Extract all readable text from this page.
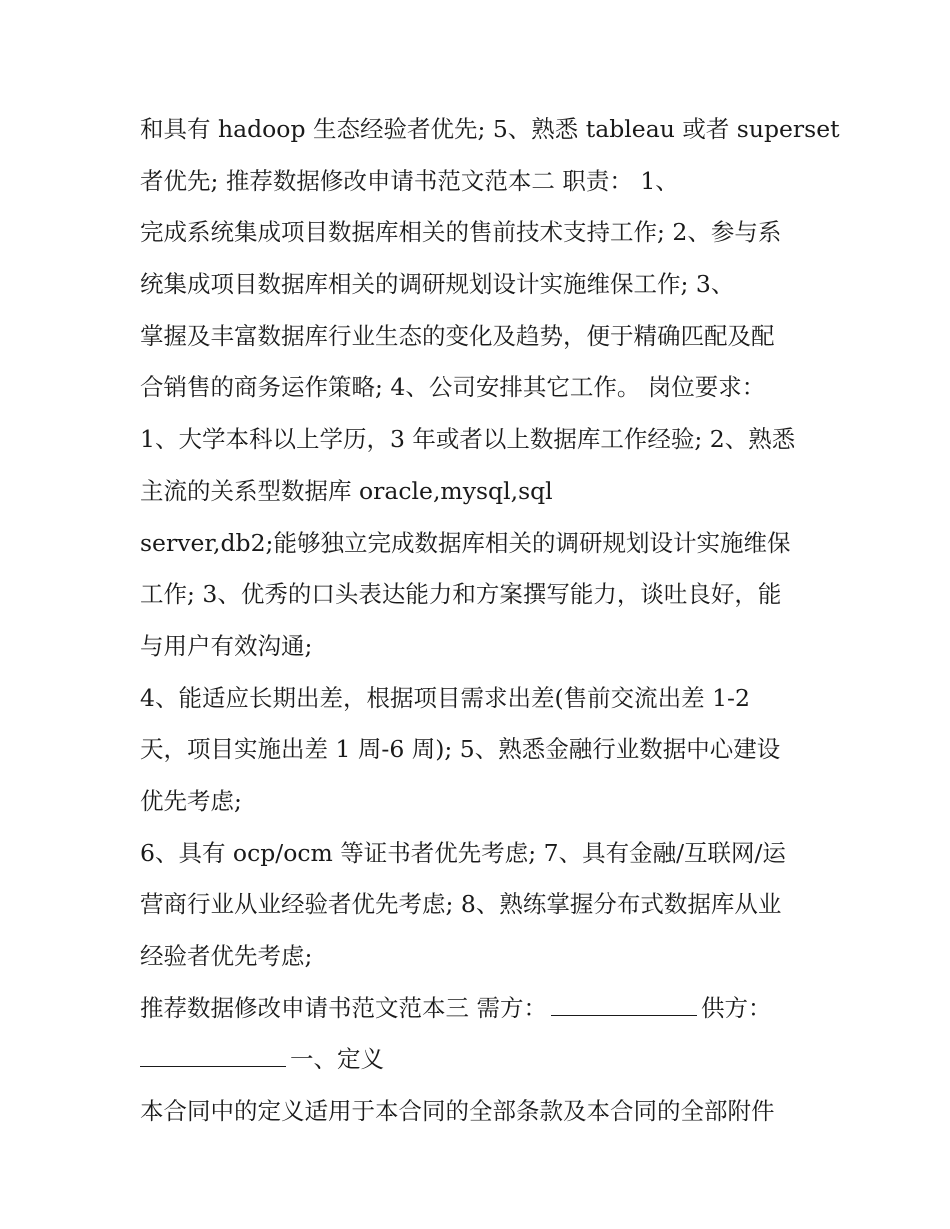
和具有 hadoop 生态经验者优先; 5、熟悉 tableau 或者 superset
者优先; 推荐数据修改申请书范文范本二 职责： 1、
完成系统集成项目数据库相关的售前技术支持工作; 2、参与系
统集成项目数据库相关的调研规划设计实施维保工作; 3、
掌握及丰富数据库行业生态的变化及趋势，便于精确匹配及配
合销售的商务运作策略; 4、公司安排其它工作。 岗位要求：
1、大学本科以上学历，3 年或者以上数据库工作经验; 2、熟悉
主流的关系型数据库 oracle,mysql,sql
server,db2;能够独立完成数据库相关的调研规划设计实施维保
工作; 3、优秀的口头表达能力和方案撰写能力，谈吐良好，能
与用户有效沟通;
4、能适应长期出差，根据项目需求出差(售前交流出差 1-2
天，项目实施出差 1 周-6 周); 5、熟悉金融行业数据中心建设
优先考虑;
6、具有 ocp/ocm 等证书者优先考虑; 7、具有金融/互联网/运
营商行业从业经验者优先考虑; 8、熟练掌握分布式数据库从业
经验者优先考虑;
推荐数据修改申请书范文范本三 需方：	供方：
一、定义
本合同中的定义适用于本合同的全部条款及本合同的全部附件
